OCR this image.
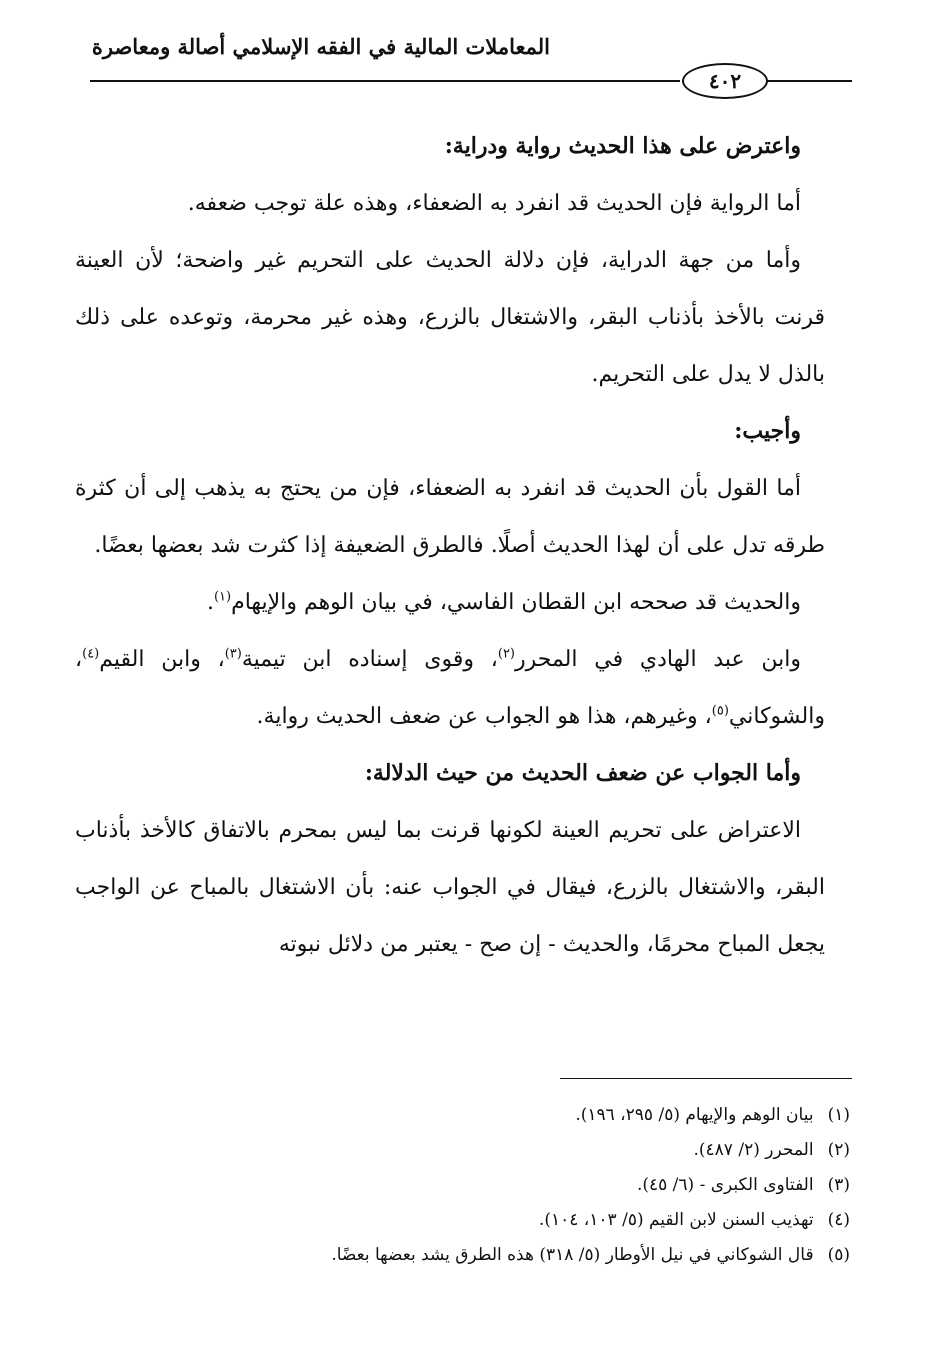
المعاملات المالية في الفقه الإسلامي أصالة ومعاصرة
٤٠٢

واعترض على هذا الحديث رواية ودراية:

أما الرواية فإن الحديث قد انفرد به الضعفاء، وهذه علة توجب ضعفه.

وأما من جهة الدراية، فإن دلالة الحديث على التحريم غير واضحة؛ لأن العينة قرنت بالأخذ بأذناب البقر، والاشتغال بالزرع، وهذه غير محرمة، وتوعده على ذلك بالذل لا يدل على التحريم.

وأجيب:

أما القول بأن الحديث قد انفرد به الضعفاء، فإن من يحتج به يذهب إلى أن كثرة طرقه تدل على أن لهذا الحديث أصلًا. فالطرق الضعيفة إذا كثرت شد بعضها بعضًا.

والحديث قد صححه ابن القطان الفاسي، في بيان الوهم والإيهام$^{(١)}$.

وابن عبد الهادي في المحرر$^{(٢)}$، وقوى إسناده ابن تيمية$^{(٣)}$، وابن القيم$^{(٤)}$، والشوكاني$^{(٥)}$، وغيرهم، هذا هو الجواب عن ضعف الحديث رواية.

وأما الجواب عن ضعف الحديث من حيث الدلالة:

الاعتراض على تحريم العينة لكونها قرنت بما ليس بمحرم بالاتفاق كالأخذ بأذناب البقر، والاشتغال بالزرع، فيقال في الجواب عنه: بأن الاشتغال بالمباح عن الواجب يجعل المباح محرمًا، والحديث - إن صح - يعتبر من دلائل نبوته

(١)بيان الوهم والإيهام (٥/ ٢٩٥، ١٩٦).
(٢)المحرر (٢/ ٤٨٧).
(٣)الفتاوى الكبرى - (٦/ ٤٥).
(٤)تهذيب السنن لابن القيم (٥/ ١٠٣، ١٠٤).
(٥)قال الشوكاني في نيل الأوطار (٥/ ٣١٨) هذه الطرق يشد بعضها بعضًا.
